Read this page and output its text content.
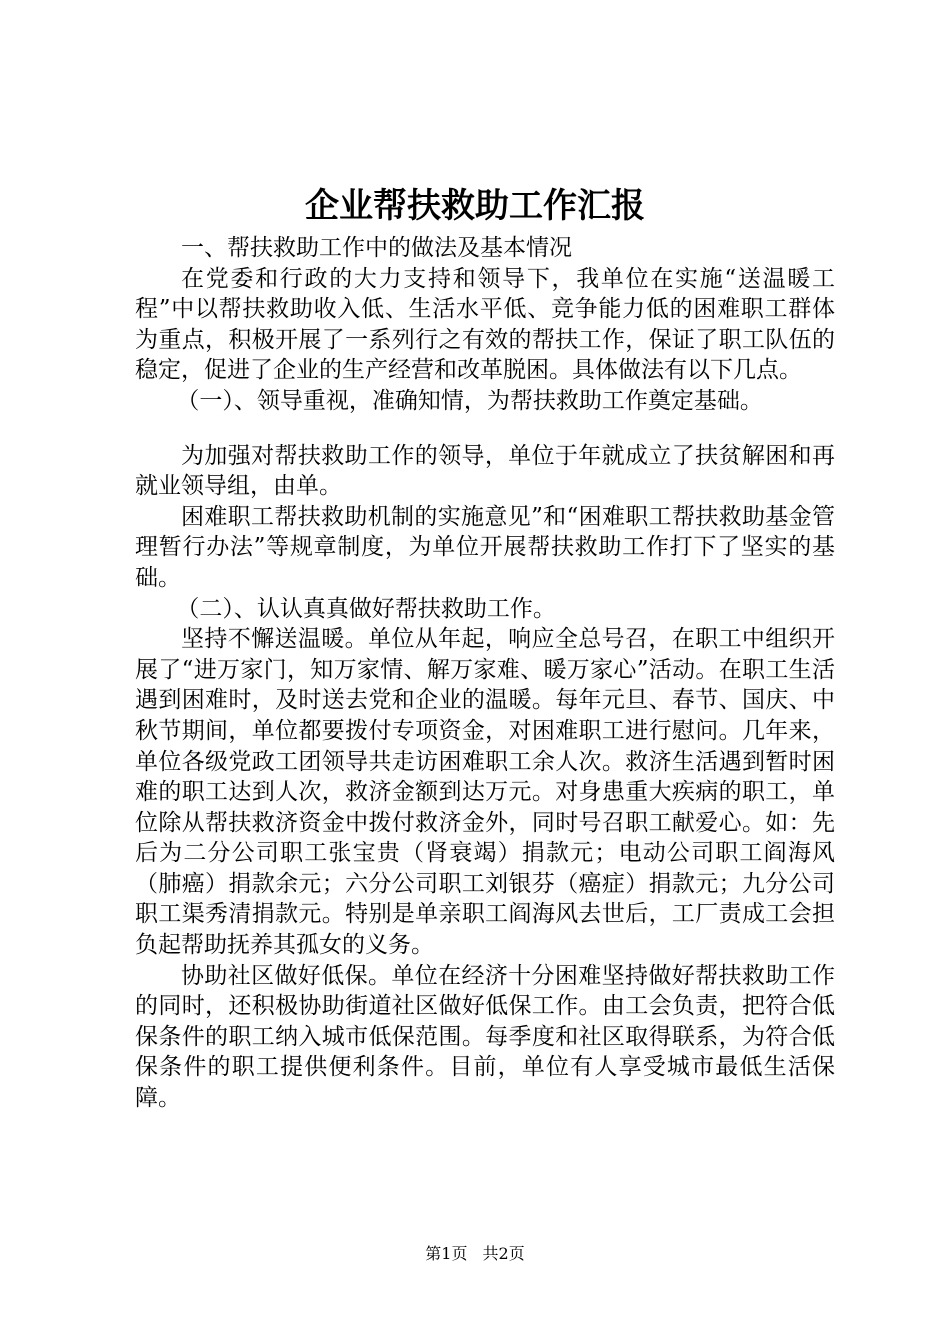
企业帮扶救助工作汇报

一、帮扶救助工作中的做法及基本情况

在党委和行政的大力支持和领导下，我单位在实施“送温暖工程”中以帮扶救助收入低、生活水平低、竞争能力低的困难职工群体为重点，积极开展了一系列行之有效的帮扶工作，保证了职工队伍的稳定，促进了企业的生产经营和改革脱困。具体做法有以下几点。

（一）、领导重视，准确知情，为帮扶救助工作奠定基础。

为加强对帮扶救助工作的领导，单位于年就成立了扶贫解困和再就业领导组，由单。

困难职工帮扶救助机制的实施意见”和“困难职工帮扶救助基金管理暂行办法”等规章制度，为单位开展帮扶救助工作打下了坚实的基础。

（二）、认认真真做好帮扶救助工作。

坚持不懈送温暖。单位从年起，响应全总号召，在职工中组织开展了“进万家门，知万家情、解万家难、暖万家心”活动。在职工生活遇到困难时，及时送去党和企业的温暖。每年元旦、春节、国庆、中秋节期间，单位都要拨付专项资金，对困难职工进行慰问。几年来，单位各级党政工团领导共走访困难职工余人次。救济生活遇到暂时困难的职工达到人次，救济金额到达万元。对身患重大疾病的职工，单位除从帮扶救济资金中拨付救济金外，同时号召职工献爱心。如：先后为二分公司职工张宝贵（肾衰竭）捐款元；电动公司职工阎海风（肺癌）捐款余元；六分公司职工刘银芬（癌症）捐款元；九分公司职工渠秀清捐款元。特别是单亲职工阎海风去世后，工厂责成工会担负起帮助抚养其孤女的义务。

协助社区做好低保。单位在经济十分困难坚持做好帮扶救助工作的同时，还积极协助街道社区做好低保工作。由工会负责，把符合低保条件的职工纳入城市低保范围。每季度和社区取得联系，为符合低保条件的职工提供便利条件。目前，单位有人享受城市最低生活保障。

第1页 共2页
